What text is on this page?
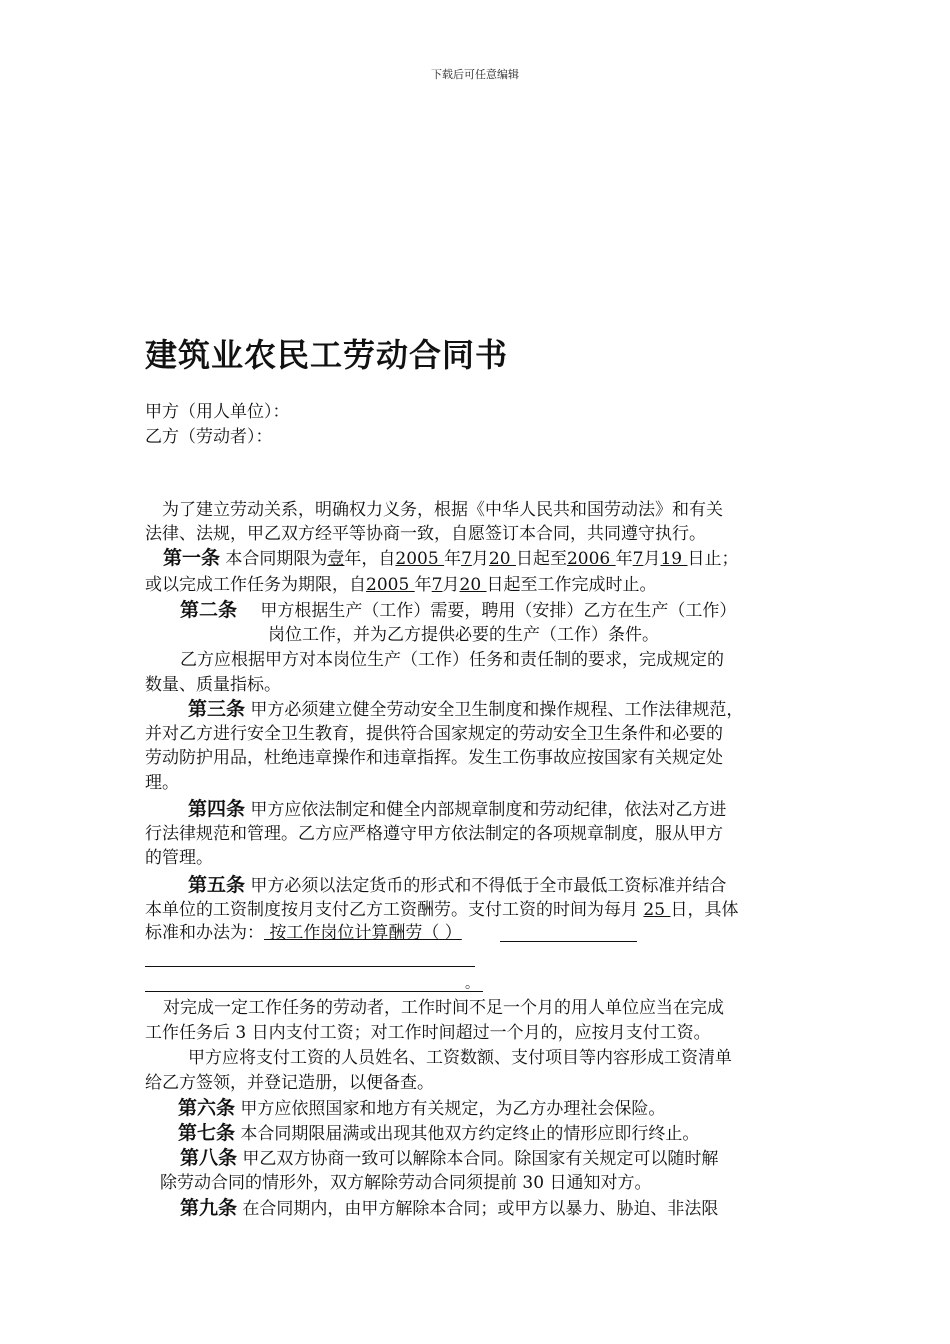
下载后可任意编辑
建筑业农民工劳动合同书
甲方（用人单位）：
乙方（劳动者）：
为了建立劳动关系，明确权力义务，根据《中华人民共和国劳动法》和有关
法律、法规，甲乙双方经平等协商一致，自愿签订本合同，共同遵守执行。
第一条 本合同期限为壹年，自2005 年7月20 日起至2006 年7月19 日止；
或以完成工作任务为期限，自2005 年7月20 日起至工作完成时止。
第二条 甲方根据生产（工作）需要，聘用（安排）乙方在生产（工作）
岗位工作，并为乙方提供必要的生产（工作）条件。
乙方应根据甲方对本岗位生产（工作）任务和责任制的要求，完成规定的
数量、质量指标。
第三条 甲方必须建立健全劳动安全卫生制度和操作规程、工作法律规范，
并对乙方进行安全卫生教育，提供符合国家规定的劳动安全卫生条件和必要的
劳动防护用品，杜绝违章操作和违章指挥。发生工伤事故应按国家有关规定处
理。
第四条 甲方应依法制定和健全内部规章制度和劳动纪律，依法对乙方进
行法律规范和管理。乙方应严格遵守甲方依法制定的各项规章制度，服从甲方
的管理。
第五条 甲方必须以法定货币的形式和不得低于全市最低工资标准并结合
本单位的工资制度按月支付乙方工资酬劳。支付工资的时间为每月 25 日，具体
标准和办法为： 按工作岗位计算酬劳（ ）
。
对完成一定工作任务的劳动者，工作时间不足一个月的用人单位应当在完成
工作任务后 3 日内支付工资；对工作时间超过一个月的，应按月支付工资。
甲方应将支付工资的人员姓名、工资数额、支付项目等内容形成工资清单
给乙方签领，并登记造册，以便备查。
第六条 甲方应依照国家和地方有关规定，为乙方办理社会保险。
第七条 本合同期限届满或出现其他双方约定终止的情形应即行终止。
第八条 甲乙双方协商一致可以解除本合同。除国家有关规定可以随时解
除劳动合同的情形外，双方解除劳动合同须提前 30 日通知对方。
第九条 在合同期内，由甲方解除本合同；或甲方以暴力、胁迫、非法限
